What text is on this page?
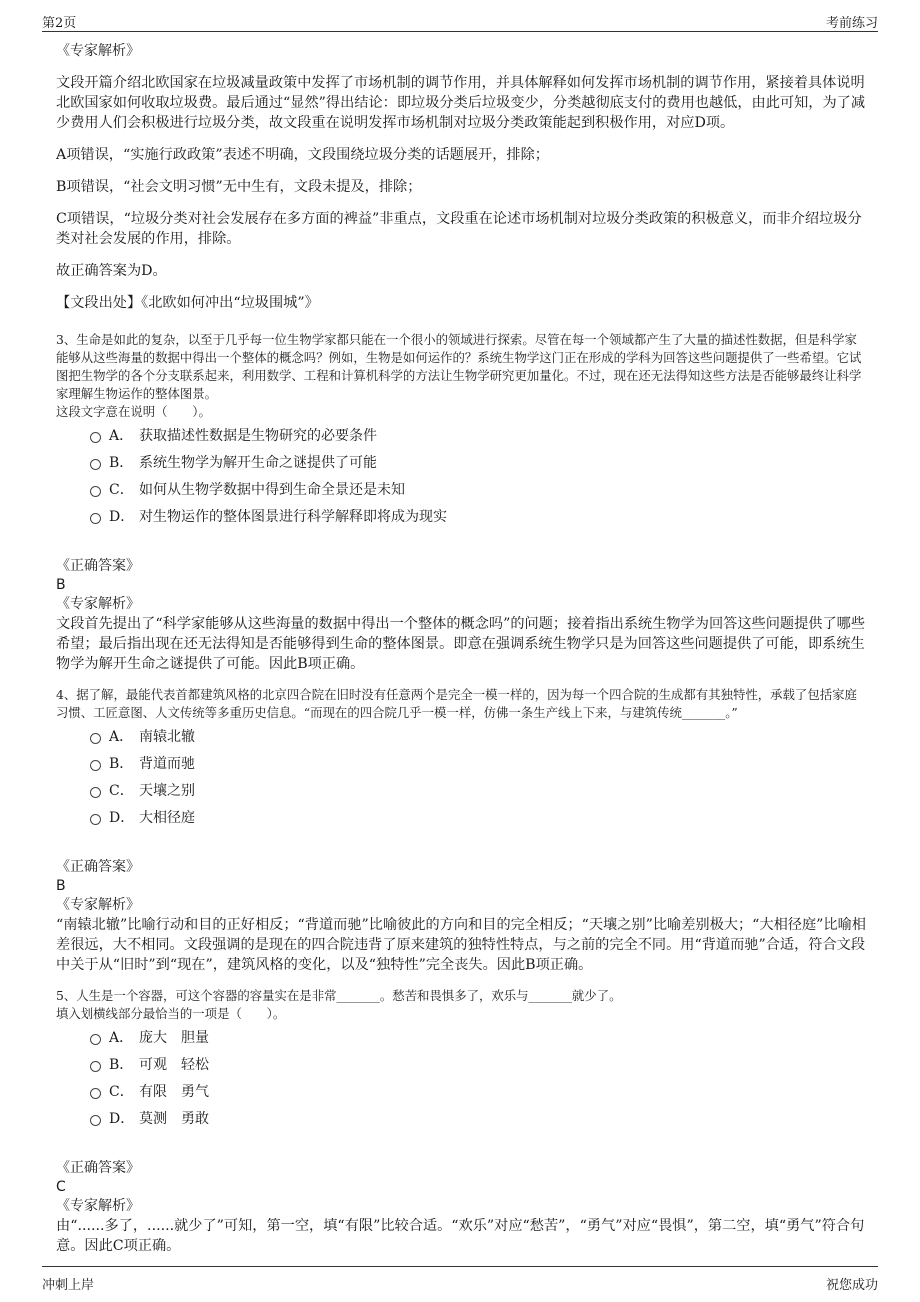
第2页	考前练习
《专家解析》

文段开篇介绍北欧国家在垃圾减量政策中发挥了市场机制的调节作用，并具体解释如何发挥市场机制的调节作用，紧接着具体说明北欧国家如何收取垃圾费。最后通过“显然”得出结论：即垃圾分类后垃圾变少，分类越彻底支付的费用也越低，由此可知，为了减少费用人们会积极进行垃圾分类，故文段重在说明发挥市场机制对垃圾分类政策能起到积极作用，对应D项。

A项错误，“实施行政政策”表述不明确，文段围绕垃圾分类的话题展开，排除；

B项错误，“社会文明习惯”无中生有，文段未提及，排除；

C项错误，“垃圾分类对社会发展存在多方面的裨益”非重点，文段重在论述市场机制对垃圾分类政策的积极意义，而非介绍垃圾分类对社会发展的作用，排除。

故正确答案为D。

【文段出处】《北欧如何冲出“垃圾围城”》

3、生命是如此的复杂，以至于几乎每一位生物学家都只能在一个很小的领域进行探索。尽管在每一个领域都产生了大量的描述性数据，但是科学家能够从这些海量的数据中得出一个整体的概念吗？例如，生物是如何运作的？系统生物学这门正在形成的学科为回答这些问题提供了一些希望。它试图把生物学的各个分支联系起来，利用数学、工程和计算机科学的方法让生物学研究更加量化。不过，现在还无法得知这些方法是否能够最终让科学家理解生物运作的整体图景。

这段文字意在说明（　　）。

A． 获取描述性数据是生物研究的必要条件
B． 系统生物学为解开生命之谜提供了可能
C． 如何从生物学数据中得到生命全景还是未知
D． 对生物运作的整体图景进行科学解释即将成为现实
《正确答案》
B
《专家解析》

文段首先提出了“科学家能够从这些海量的数据中得出一个整体的概念吗”的问题；接着指出系统生物学为回答这些问题提供了哪些希望；最后指出现在还无法得知是否能够得到生命的整体图景。即意在强调系统生物学只是为回答这些问题提供了可能，即系统生物学为解开生命之谜提供了可能。因此B项正确。

4、据了解，最能代表首都建筑风格的北京四合院在旧时没有任意两个是完全一模一样的，因为每一个四合院的生成都有其独特性，承载了包括家庭习惯、工匠意图、人文传统等多重历史信息。“而现在的四合院几乎一模一样，仿佛一条生产线上下来，与建筑传统_______。”

A． 南辕北辙
B． 背道而驰
C． 天壤之别
D． 大相径庭
《正确答案》
B
《专家解析》

“南辕北辙”比喻行动和目的正好相反；“背道而驰”比喻彼此的方向和目的完全相反；“天壤之别”比喻差别极大；“大相径庭”比喻相差很远，大不相同。文段强调的是现在的四合院违背了原来建筑的独特性特点，与之前的完全不同。用“背道而驰”合适，符合文段中关于从“旧时”到“现在”，建筑风格的变化，以及“独特性”完全丧失。因此B项正确。

5、人生是一个容器，可这个容器的容量实在是非常_______。愁苦和畏惧多了，欢乐与_______就少了。

填入划横线部分最恰当的一项是（　　）。

A． 庞大　胆量
B． 可观　轻松
C． 有限　勇气
D． 莫测　勇敢
《正确答案》
C
《专家解析》

由“......多了，......就少了”可知，第一空，填“有限”比较合适。“欢乐”对应“愁苦”，“勇气”对应“畏惧”，第二空，填“勇气”符合句意。因此C项正确。

冲刺上岸	祝您成功
